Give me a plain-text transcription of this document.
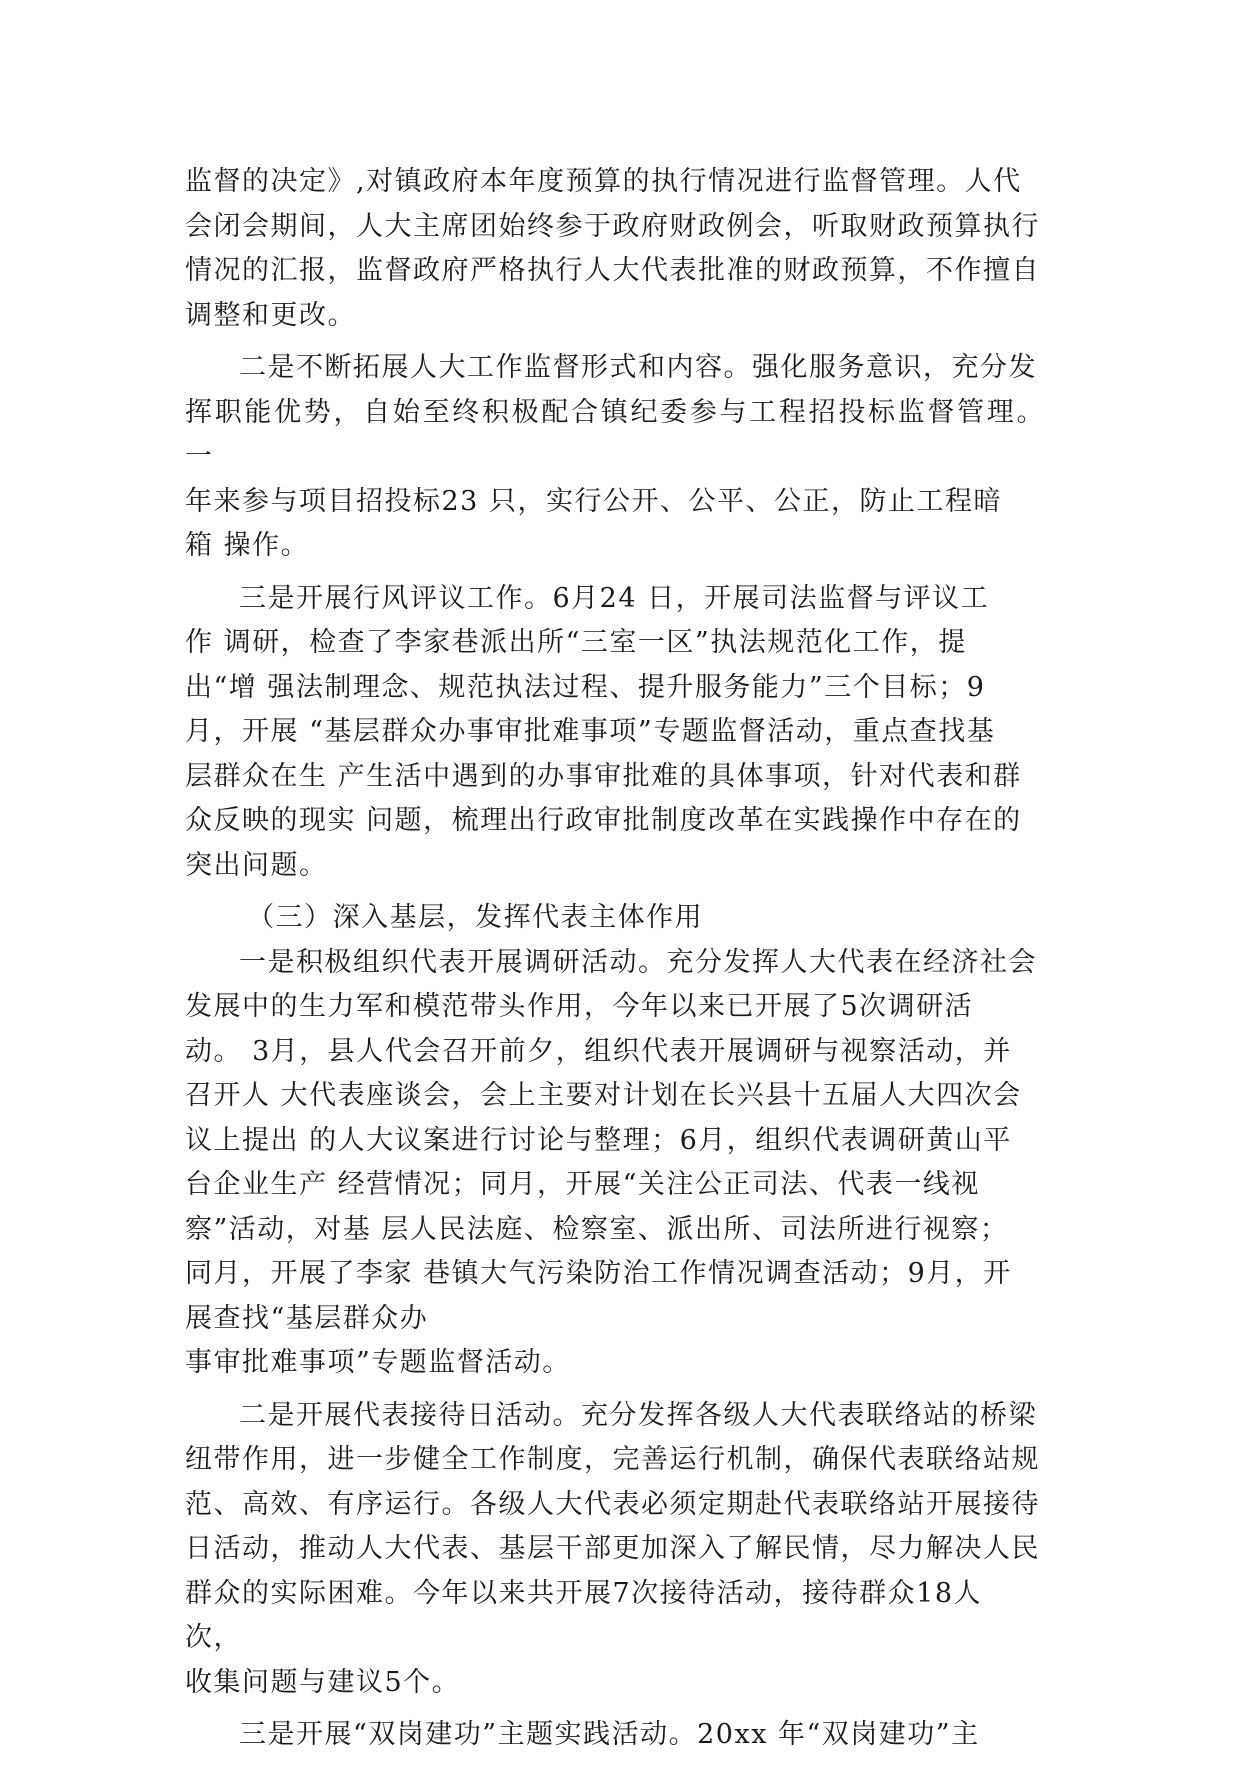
监督的决定》,对镇政府本年度预算的执行情况进行监督管理。人代
会闭会期间，人大主席团始终参于政府财政例会，听取财政预算执行
情况的汇报，监督政府严格执行人大代表批准的财政预算，不作擅自
调整和更改。

二是不断拓展人大工作监督形式和内容。强化服务意识，充分发
挥职能优势，自始至终积极配合镇纪委参与工程招投标监督管理。 一
年来参与项目招投标23 只，实行公开、公平、公正，防止工程暗
箱 操作。

三是开展行风评议工作。6月24 日，开展司法监督与评议工
作 调研，检查了李家巷派出所“三室一区”执法规范化工作，提
出“增 强法制理念、规范执法过程、提升服务能力”三个目标；9
月，开展 “基层群众办事审批难事项”专题监督活动，重点查找基
层群众在生 产生活中遇到的办事审批难的具体事项，针对代表和群
众反映的现实 问题，梳理出行政审批制度改革在实践操作中存在的
突出问题。

（三）深入基层，发挥代表主体作用

一是积极组织代表开展调研活动。充分发挥人大代表在经济社会
发展中的生力军和模范带头作用，今年以来已开展了5次调研活
动。 3月，县人代会召开前夕，组织代表开展调研与视察活动，并
召开人 大代表座谈会，会上主要对计划在长兴县十五届人大四次会
议上提出 的人大议案进行讨论与整理；6月，组织代表调研黄山平
台企业生产 经营情况；同月，开展“关注公正司法、代表一线视
察”活动，对基 层人民法庭、检察室、派出所、司法所进行视察；
同月，开展了李家 巷镇大气污染防治工作情况调查活动；9月，开
展查找“基层群众办

事审批难事项”专题监督活动。

二是开展代表接待日活动。充分发挥各级人大代表联络站的桥梁
纽带作用，进一步健全工作制度，完善运行机制，确保代表联络站规
范、高效、有序运行。各级人大代表必须定期赴代表联络站开展接待
日活动，推动人大代表、基层干部更加深入了解民情，尽力解决人民
群众的实际困难。今年以来共开展7次接待活动，接待群众18人
次，

收集问题与建议5个。

三是开展“双岗建功”主题实践活动。20xx 年“双岗建功”主
